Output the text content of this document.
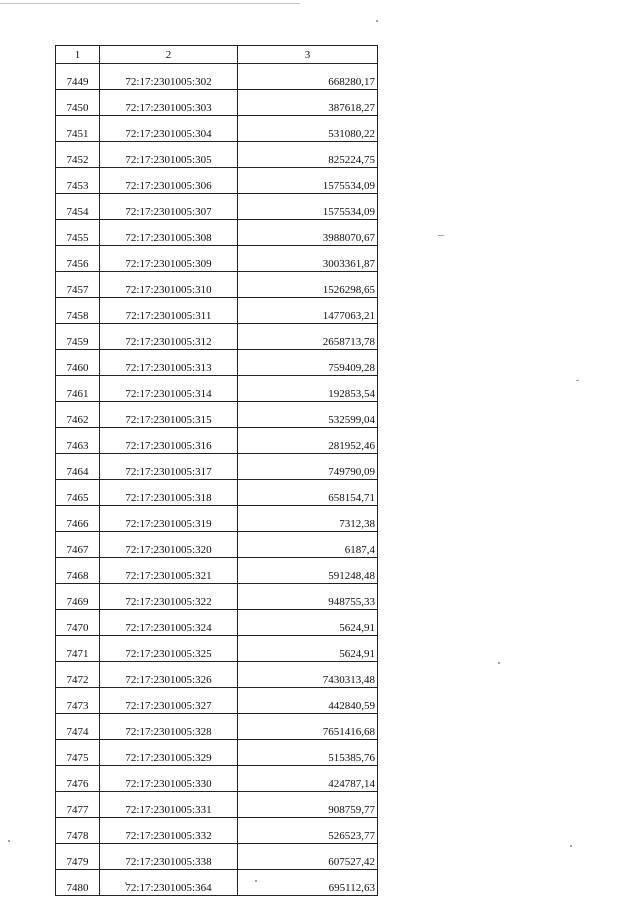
1	2	3
7449	72:17:2301005:302	668280,17
7450	72:17:2301005:303	387618,27
7451	72:17:2301005:304	531080,22
7452	72:17:2301005:305	825224,75
7453	72:17:2301005:306	1575534,09
7454	72:17:2301005:307	1575534,09
7455	72:17:2301005:308	3988070,67
7456	72:17:2301005:309	3003361,87
7457	72:17:2301005:310	1526298,65
7458	72:17:2301005:311	1477063,21
7459	72:17:2301005:312	2658713,78
7460	72:17:2301005:313	759409,28
7461	72:17:2301005:314	192853,54
7462	72:17:2301005:315	532599,04
7463	72:17:2301005:316	281952,46
7464	72:17:2301005:317	749790,09
7465	72:17:2301005:318	658154,71
7466	72:17:2301005:319	7312,38
7467	72:17:2301005:320	6187,4
7468	72:17:2301005:321	591248,48
7469	72:17:2301005:322	948755,33
7470	72:17:2301005:324	5624,91
7471	72:17:2301005:325	5624,91
7472	72:17:2301005:326	7430313,48
7473	72:17:2301005:327	442840,59
7474	72:17:2301005:328	7651416,68
7475	72:17:2301005:329	515385,76
7476	72:17:2301005:330	424787,14
7477	72:17:2301005:331	908759,77
7478	72:17:2301005:332	526523,77
7479	72:17:2301005:338	607527,42
7480	72:17:2301005:364	695112,63
